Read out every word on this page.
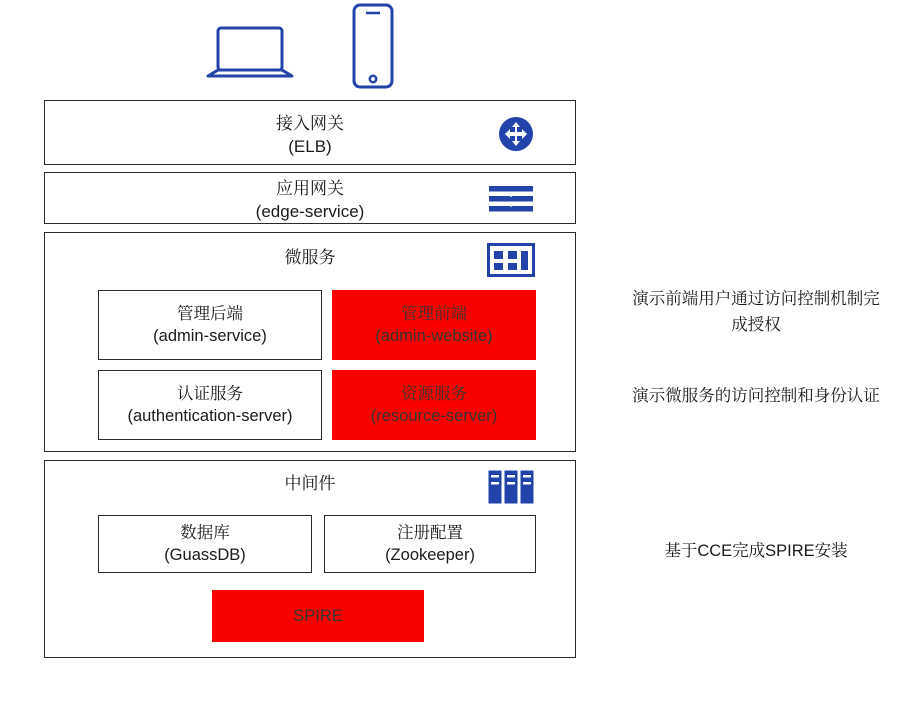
接入网关
(ELB)
应用网关
(edge-service)
微服务
管理后端
(admin-service)
管理前端
(admin-website)
认证服务
(authentication-server)
资源服务
(resource-server)
中间件
数据库
(GuassDB)
注册配置
(Zookeeper)
SPIRE
演示前端用户通过访问控制机制完成授权
演示微服务的访问控制和身份认证
基于CCE完成SPIRE安装
